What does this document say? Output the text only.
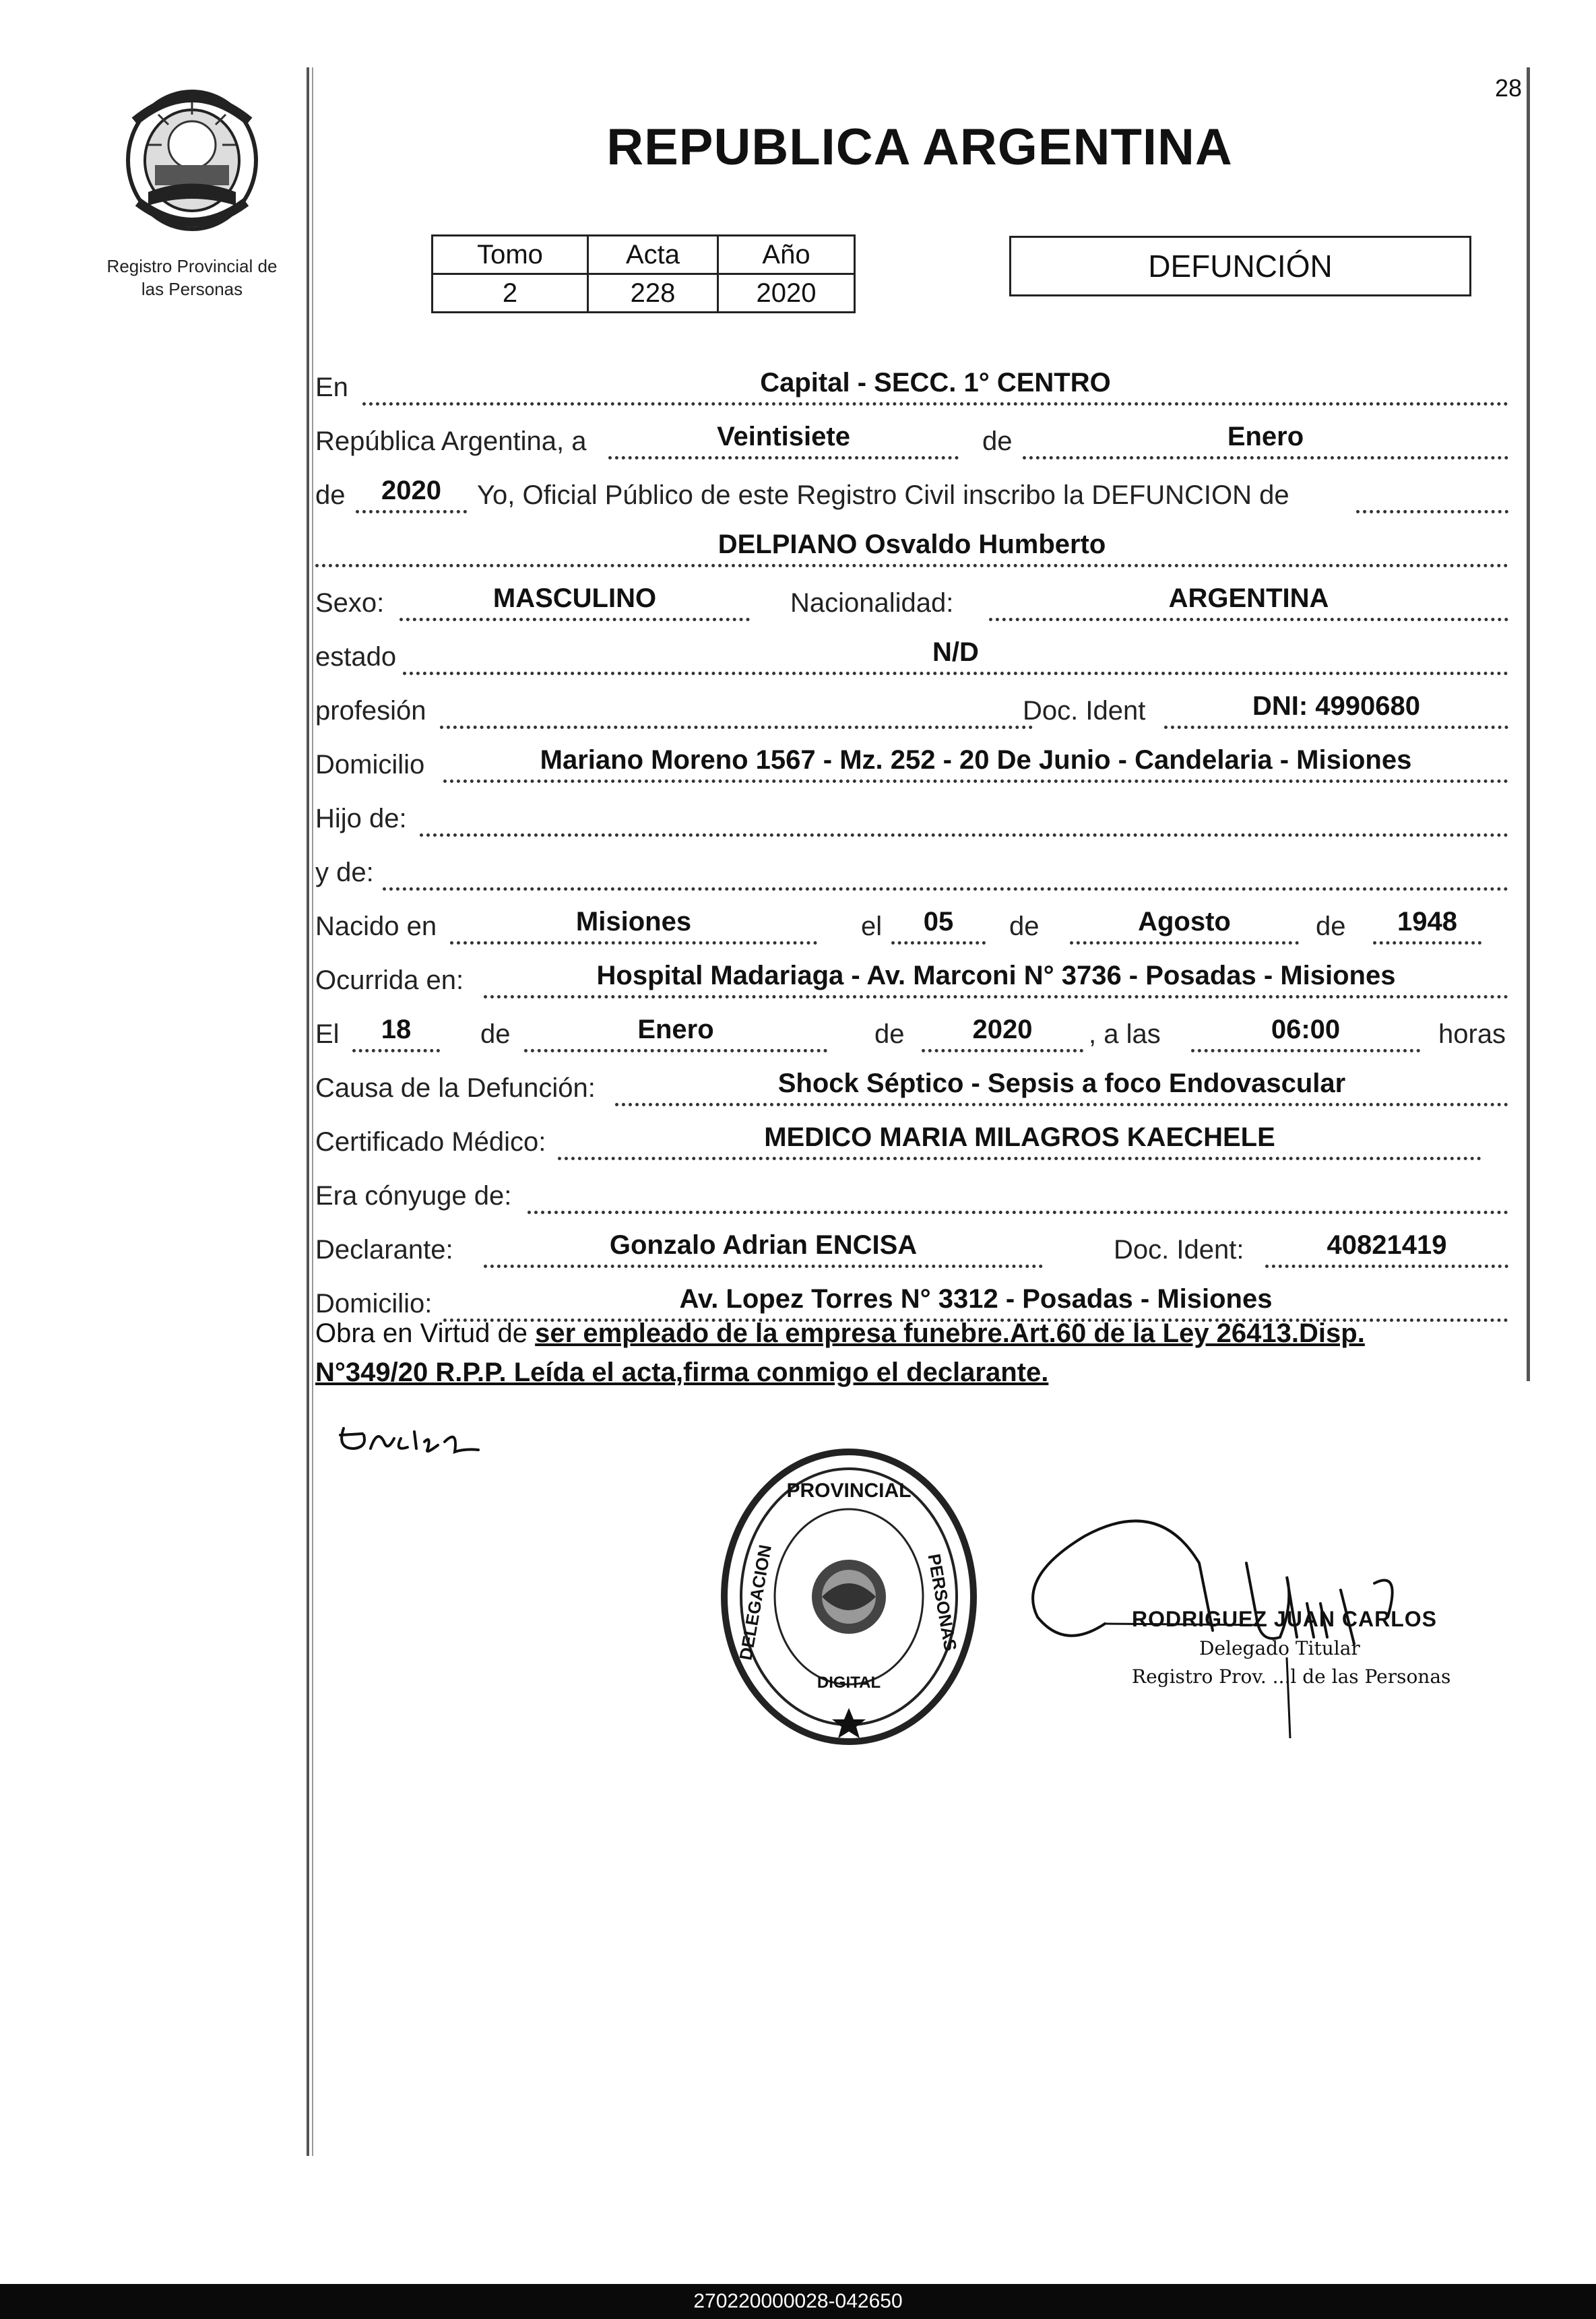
Registro Provincial de
las Personas
28
REPUBLICA ARGENTINA
Tomo	Acta	Año
2	228	2020
DEFUNCIÓN
En	Capital - SECC. 1° CENTRO
República Argentina, a	Veintisiete	de	Enero
de	2020	Yo, Oficial Público de este Registro Civil inscribo la DEFUNCION de
DELPIANO Osvaldo Humberto
Sexo:	MASCULINO	Nacionalidad:	ARGENTINA
estado	N/D
profesión	Doc. Ident	DNI: 4990680
Domicilio	Mariano Moreno 1567 - Mz. 252 - 20 De Junio - Candelaria - Misiones
Hijo de:
y de:
Nacido en	Misiones	el	05	de	Agosto	de	1948
Ocurrida en:	Hospital Madariaga - Av. Marconi N° 3736 - Posadas - Misiones
El	18	de	Enero	de	2020	, a las	06:00	horas
Causa de la Defunción:	Shock Séptico - Sepsis a foco Endovascular
Certificado Médico:	MEDICO MARIA MILAGROS KAECHELE
Era cónyuge de:
Declarante:	Gonzalo Adrian ENCISA	Doc. Ident:	40821419
Domicilio:	Av. Lopez Torres N° 3312 - Posadas - Misiones
Obra en Virtud de ser empleado de la empresa funebre.Art.60 de la Ley 26413.Disp.
N°349/20 R.P.P. Leída el acta,firma conmigo el declarante.
PROVINCIAL
DELEGACION	PERSONAS
DIGITAL
RODRIGUEZ JUAN CARLOS
Delegado Titular
Registro Prov. ...l de las Personas
270220000028-042650
